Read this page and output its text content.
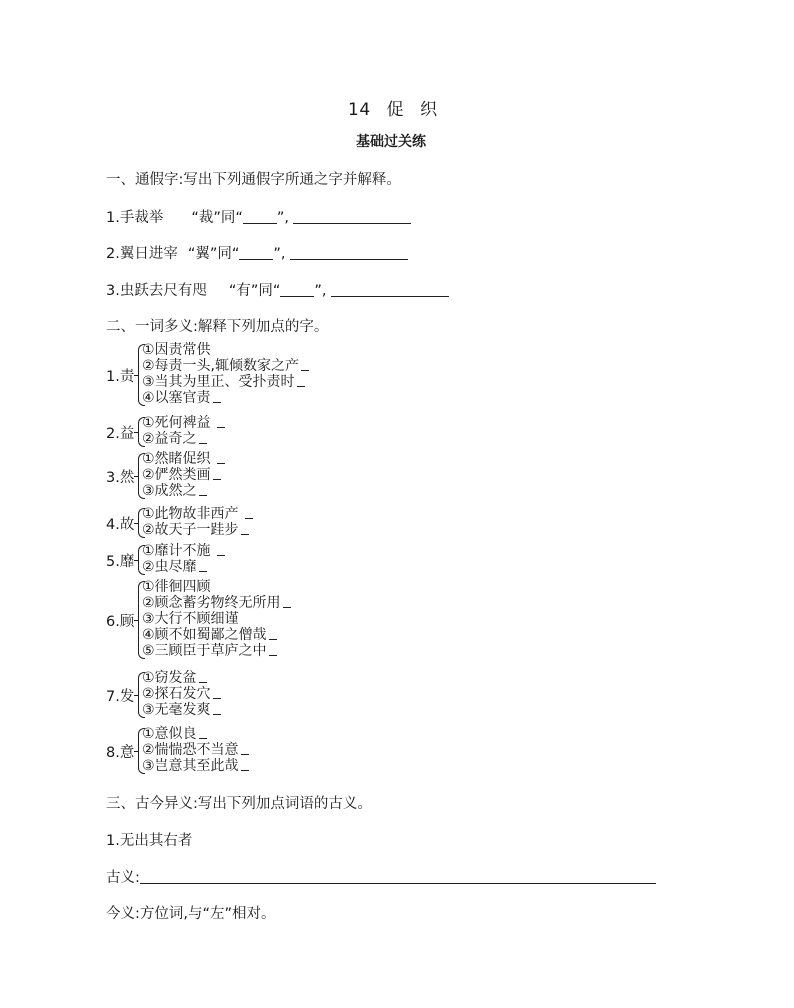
14 促 织
基础过关练
一、通假字:写出下列通假字所通之字并解释。
1.手裁举 “裁”同“ ”,
2.翼日进宰 “翼”同“ ”,
3.虫跃去尺有咫 “有”同“ ”,
二、一词多义:解释下列加点的字。
1.责
①因责常供
②每责一头,辄倾数家之产
③当其为里正、受扑责时
④以塞官责
2.益
①死何裨益
②益奇之
3.然
①然睹促织
②俨然类画
③成然之
4.故
①此物故非西产
②故天子一跬步
5.靡
①靡计不施
②虫尽靡
6.顾
①徘徊四顾
②顾念蓄劣物终无所用
③大行不顾细谨
④顾不如蜀鄙之僧哉
⑤三顾臣于草庐之中
7.发
①窃发盆
②探石发穴
③无毫发爽
8.意
①意似良
②惴惴恐不当意
③岂意其至此哉
三、古今异义:写出下列加点词语的古义。
1.无出其右者
古义:
今义:方位词,与“左”相对。
